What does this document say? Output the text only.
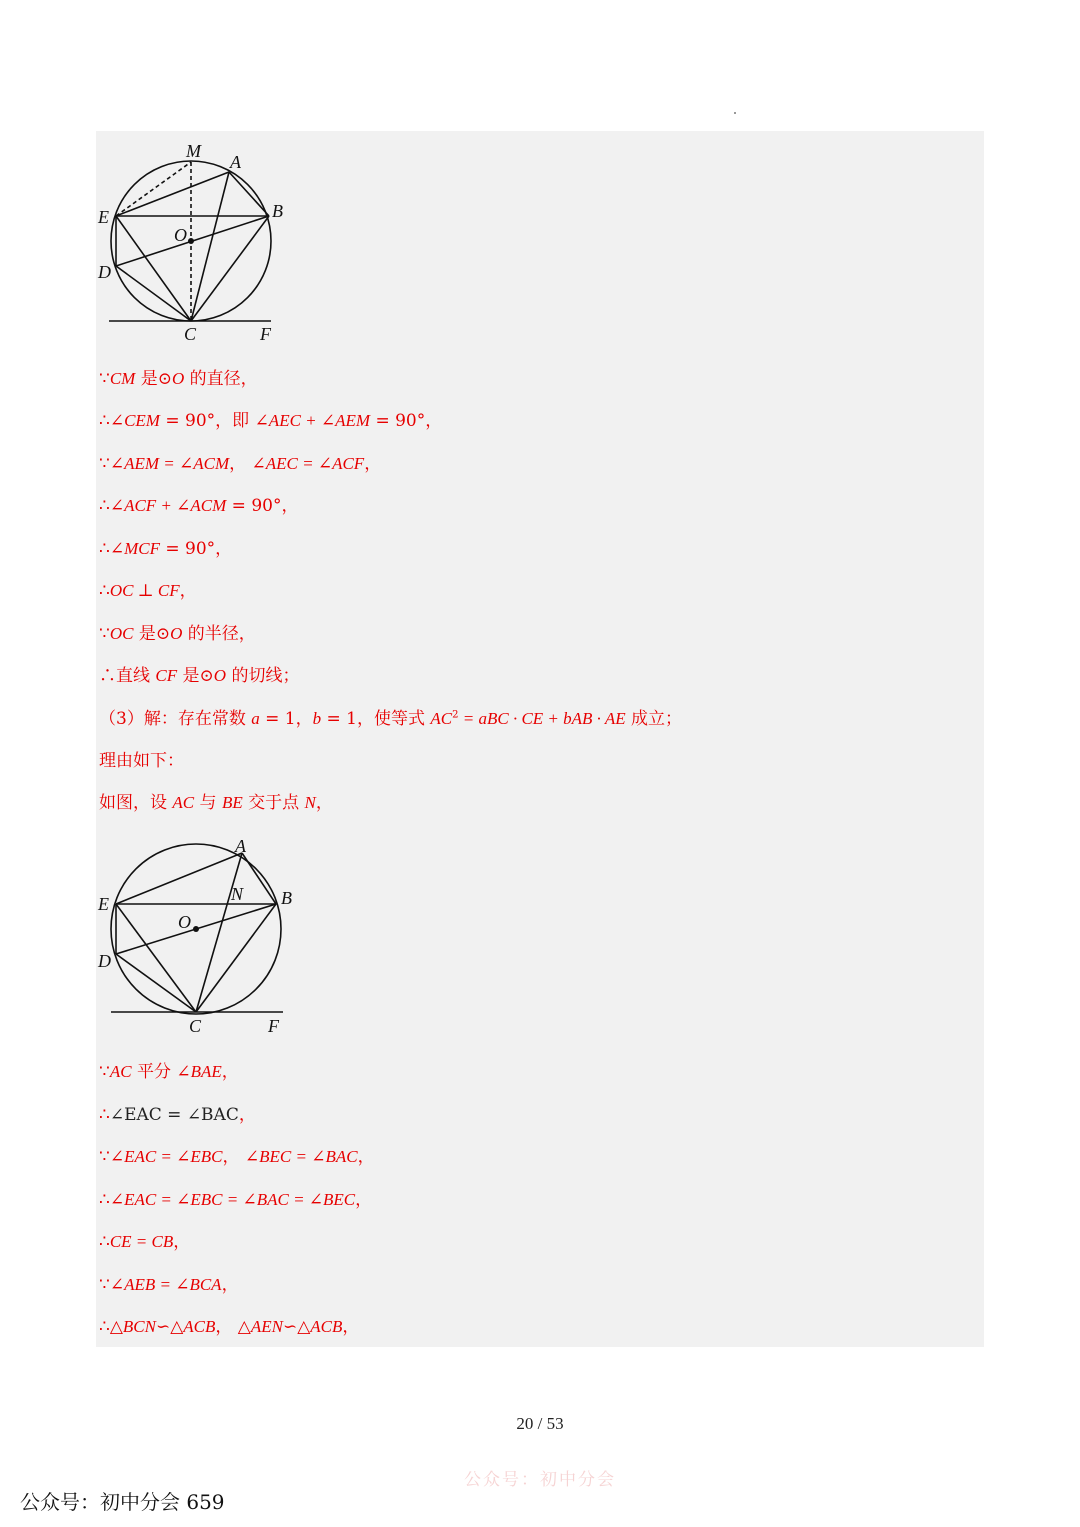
M
A
B
E
O
D
C	F

∵CM 是⊙O 的直径，

∴∠CEM = 90°，即 ∠AEC + ∠AEM = 90°，

∵∠AEM = ∠ACM， ∠AEC = ∠ACF，

∴∠ACF + ∠ACM = 90°，

∴∠MCF = 90°，

∴OC ⊥ CF，

∵OC 是⊙O 的半径，

∴直线 CF 是⊙O 的切线；

（3）解：存在常数 a = 1，b = 1，使等式 $AC^2$ = aBC · CE + bAB · AE 成立；

理由如下：

如图，设 AC 与 BE 交于点 N，

A
N B
E
O
D
C	F

∵AC 平分 ∠BAE，

∴∠EAC = ∠BAC，

∵∠EAC = ∠EBC， ∠BEC = ∠BAC，

∴∠EAC = ∠EBC = ∠BAC = ∠BEC，

∴CE = CB，

∵∠AEB = ∠BCA，

∴△BCN∽△ACB， △AEN∽△ACB，

20 / 53
公众号：初中分会
公众号：初中分会 659
